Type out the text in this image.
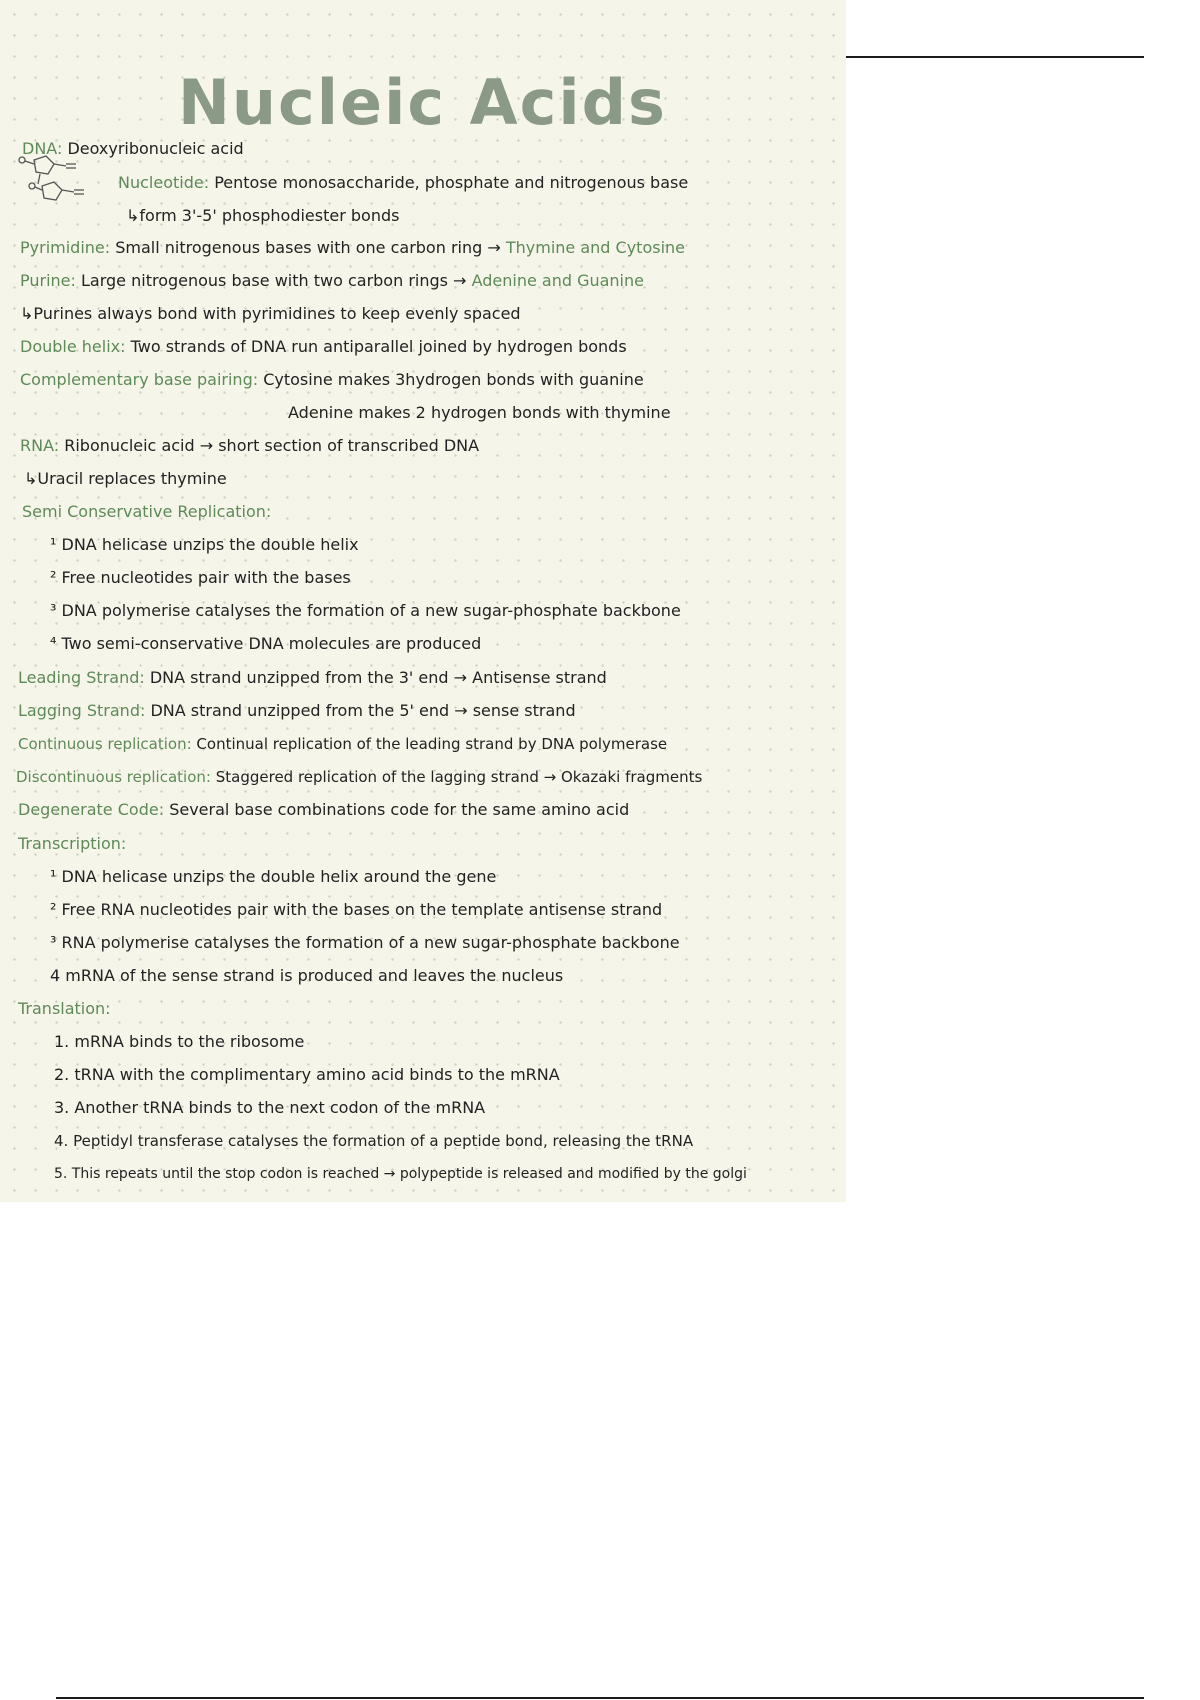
Nucleic Acids
DNA: Deoxyribonucleic acid
Nucleotide: Pentose monosaccharide, phosphate and nitrogenous base
↳form 3'-5' phosphodiester bonds
Pyrimidine: Small nitrogenous bases with one carbon ring → Thymine and Cytosine
Purine: Large nitrogenous base with two carbon rings → Adenine and Guanine
↳Purines always bond with pyrimidines to keep evenly spaced
Double helix: Two strands of DNA run antiparallel joined by hydrogen bonds
Complementary base pairing: Cytosine makes 3hydrogen bonds with guanine
Adenine makes 2 hydrogen bonds with thymine
RNA: Ribonucleic acid → short section of transcribed DNA
↳Uracil replaces thymine
Semi Conservative Replication:
¹ DNA helicase unzips the double helix
² Free nucleotides pair with the bases
³ DNA polymerise catalyses the formation of a new sugar-phosphate backbone
⁴ Two semi-conservative DNA molecules are produced
Leading Strand: DNA strand unzipped from the 3' end → Antisense strand
Lagging Strand: DNA strand unzipped from the 5' end → sense strand
Continuous replication: Continual replication of the leading strand by DNA polymerase
Discontinuous replication: Staggered replication of the lagging strand → Okazaki fragments
Degenerate Code: Several base combinations code for the same amino acid
Transcription:
¹ DNA helicase unzips the double helix around the gene
² Free RNA nucleotides pair with the bases on the template antisense strand
³ RNA polymerise catalyses the formation of a new sugar-phosphate backbone
4 mRNA of the sense strand is produced and leaves the nucleus
Translation:
1. mRNA binds to the ribosome
2. tRNA with the complimentary amino acid binds to the mRNA
3. Another tRNA binds to the next codon of the mRNA
4. Peptidyl transferase catalyses the formation of a peptide bond, releasing the tRNA
5. This repeats until the stop codon is reached → polypeptide is released and modified by the golgi
